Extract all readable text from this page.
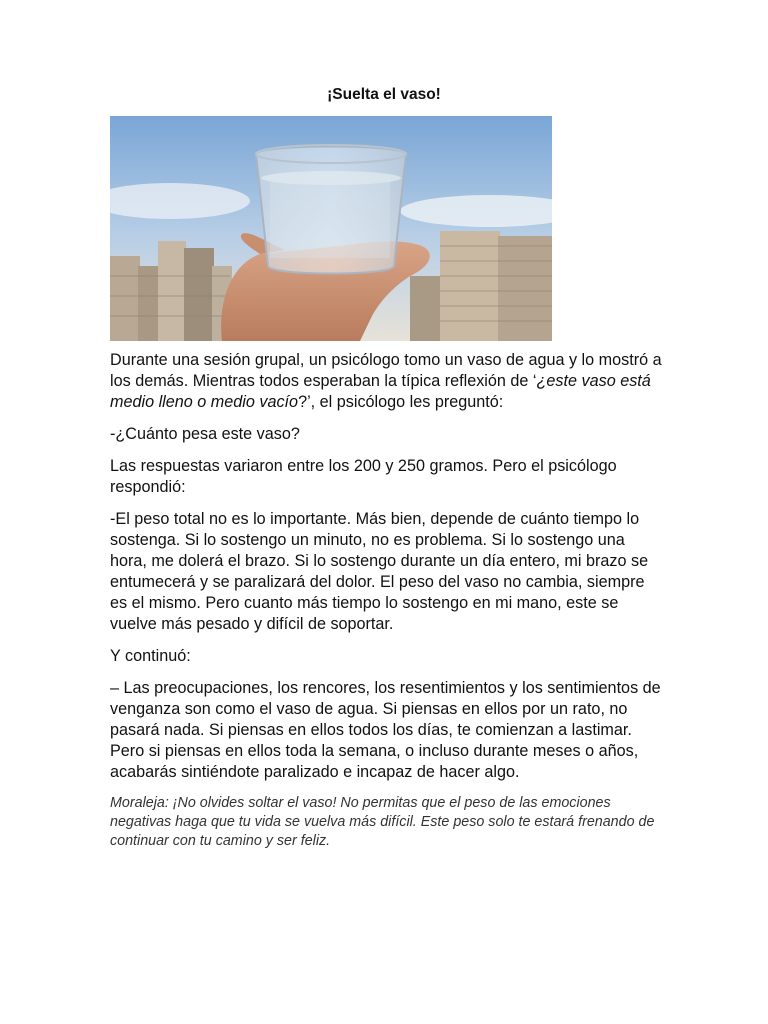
¡Suelta el vaso!

Durante una sesión grupal, un psicólogo tomo un vaso de agua y lo mostró a los demás. Mientras todos esperaban la típica reflexión de ‘¿este vaso está medio lleno o medio vacío?’, el psicólogo les preguntó:

-¿Cuánto pesa este vaso?

Las respuestas variaron entre los 200 y 250 gramos. Pero el psicólogo respondió:

-El peso total no es lo importante. Más bien, depende de cuánto tiempo lo sostenga. Si lo sostengo un minuto, no es problema. Si lo sostengo una hora, me dolerá el brazo. Si lo sostengo durante un día entero, mi brazo se entumecerá y se paralizará del dolor. El peso del vaso no cambia, siempre es el mismo. Pero cuanto más tiempo lo sostengo en mi mano, este se vuelve más pesado y difícil de soportar.

Y continuó:

– Las preocupaciones, los rencores, los resentimientos y los sentimientos de venganza son como el vaso de agua. Si piensas en ellos por un rato, no pasará nada. Si piensas en ellos todos los días, te comienzan a lastimar. Pero si piensas en ellos toda la semana, o incluso durante meses o años, acabarás sintiéndote paralizado e incapaz de hacer algo.

Moraleja: ¡No olvides soltar el vaso! No permitas que el peso de las emociones negativas haga que tu vida se vuelva más difícil. Este peso solo te estará frenando de continuar con tu camino y ser feliz.
